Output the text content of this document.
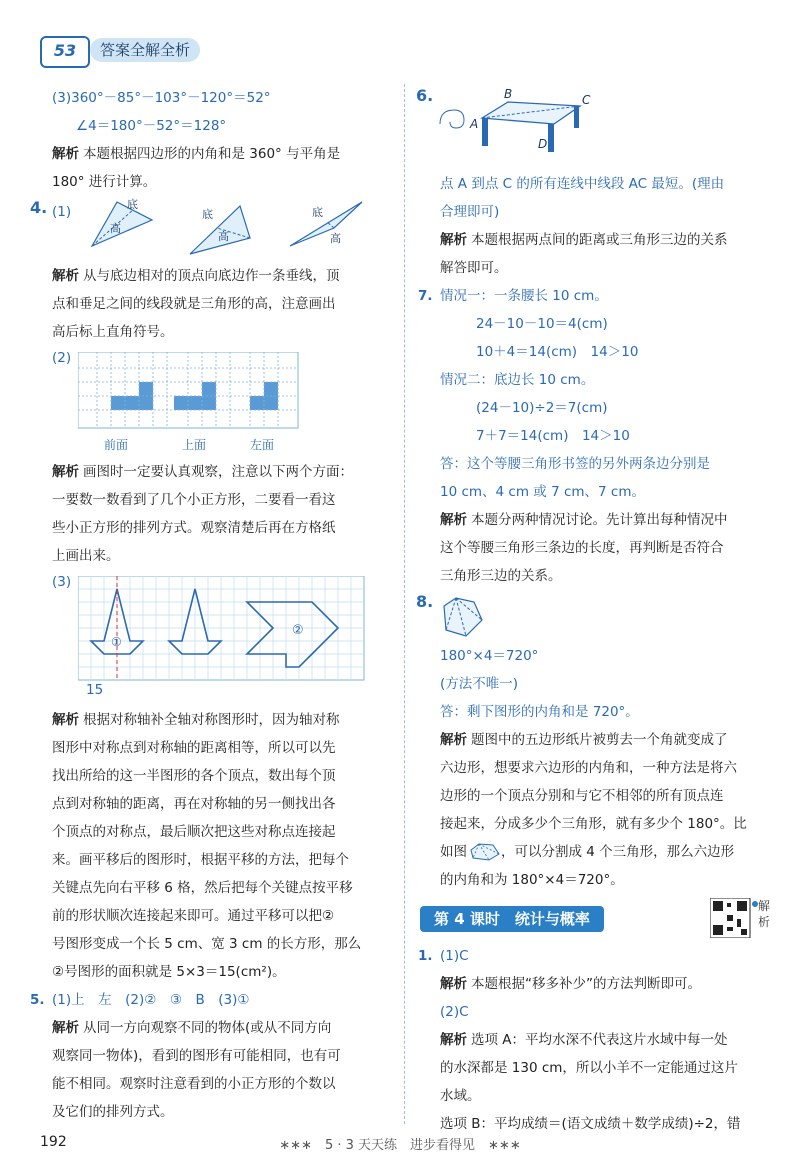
53	答案全解全析

(3)360°－85°－103°－120°＝52°

∠4＝180°－52°＝128°

解析 本题根据四边形的内角和是 360° 与平角是

180° 进行计算。

4. (1)	底
高
底
高
底
高

解析 从与底边相对的顶点向底边作一条垂线，顶

点和垂足之间的线段就是三角形的高，注意画出

高后标上直角符号。

(2)
前面	上面	左面

解析 画图时一定要认真观察，注意以下两个方面：

一要数一数看到了几个小正方形，二要看一看这

些小正方形的排列方式。观察清楚后再在方格纸

上画出来。

(3)
①
②
15

解析 根据对称轴补全轴对称图形时，因为轴对称

图形中对称点到对称轴的距离相等，所以可以先

找出所给的这一半图形的各个顶点，数出每个顶

点到对称轴的距离，再在对称轴的另一侧找出各

个顶点的对称点，最后顺次把这些对称点连接起

来。画平移后的图形时，根据平移的方法，把每个

关键点先向右平移 6 格，然后把每个关键点按平移

前的形状顺次连接起来即可。通过平移可以把②

号图形变成一个长 5 cm、宽 3 cm 的长方形，那么

②号图形的面积就是 5×3＝15(cm²)。

5. (1)上　左　(2)②　③　B　(3)①

解析 从同一方向观察不同的物体(或从不同方向

观察同一物体)，看到的图形有可能相同，也有可

能不相同。观察时注意看到的小正方形的个数以

及它们的排列方式。

6.
A
B	C
D

点 A 到点 C 的所有连线中线段 AC 最短。(理由

合理即可)

解析 本题根据两点间的距离或三角形三边的关系

解答即可。

7. 情况一：一条腰长 10 cm。

24－10－10＝4(cm)

10＋4＝14(cm)　14＞10

情况二：底边长 10 cm。

(24－10)÷2＝7(cm)

7＋7＝14(cm)　14＞10

答：这个等腰三角形书签的另外两条边分别是

10 cm、4 cm 或 7 cm、7 cm。

解析 本题分两种情况讨论。先计算出每种情况中

这个等腰三角形三条边的长度，再判断是否符合

三角形三边的关系。

8.

180°×4＝720°

(方法不唯一)

答：剩下图形的内角和是 720°。

解析 题图中的五边形纸片被剪去一个角就变成了

六边形，想要求六边形的内角和，一种方法是将六

边形的一个顶点分别和与它不相邻的所有顶点连

接起来，分成多少个三角形，就有多少个 180°。比

如图	，可以分割成 4 个三角形，那么六边形

的内角和为 180°×4＝720°。

第 4 课时　统计与概率
解析

1. (1)C

解析 本题根据“移多补少”的方法判断即可。

(2)C

解析 选项 A：平均水深不代表这片水域中每一处

的水深都是 130 cm，所以小羊不一定能通过这片

水域。

选项 B：平均成绩＝(语文成绩＋数学成绩)÷2，错

192	∗∗∗　5 · 3 天天练　进步看得见　∗∗∗
